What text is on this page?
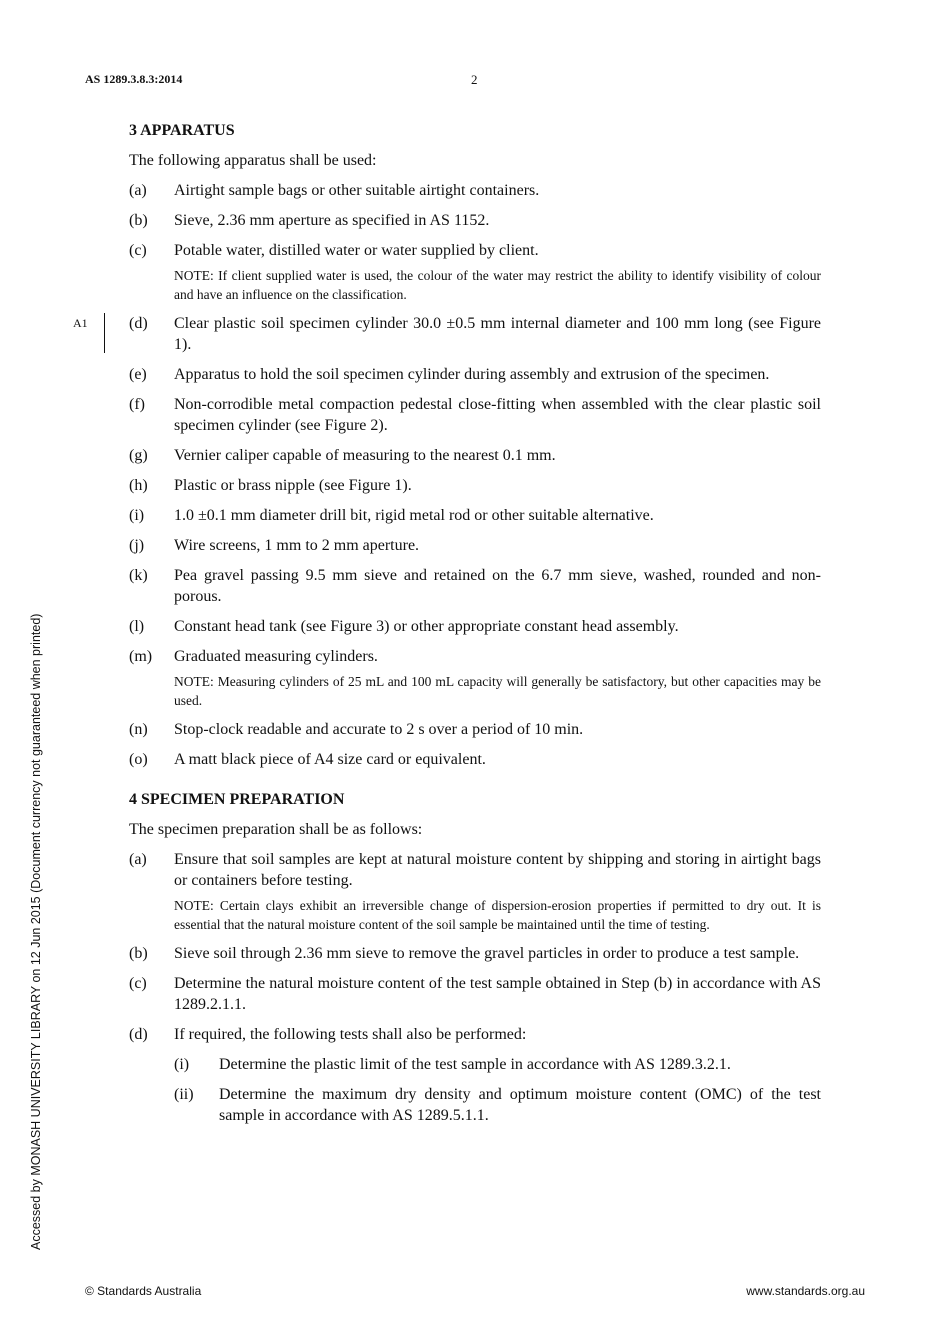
AS 1289.3.8.3:2014	2
Accessed by MONASH UNIVERSITY LIBRARY on 12 Jun 2015 (Document currency not guaranteed when printed)
3 APPARATUS

The following apparatus shall be used:

(a)	Airtight sample bags or other suitable airtight containers.
(b)	Sieve, 2.36 mm aperture as specified in AS 1152.
(c)	Potable water, distilled water or water supplied by client.
NOTE: If client supplied water is used, the colour of the water may restrict the ability to identify visibility of colour and have an influence on the classification.
A1	(d)	Clear plastic soil specimen cylinder 30.0 ±0.5 mm internal diameter and 100 mm long (see Figure 1).
(e)	Apparatus to hold the soil specimen cylinder during assembly and extrusion of the specimen.
(f)	Non-corrodible metal compaction pedestal close-fitting when assembled with the clear plastic soil specimen cylinder (see Figure 2).
(g)	Vernier caliper capable of measuring to the nearest 0.1 mm.
(h)	Plastic or brass nipple (see Figure 1).
(i)	1.0 ±0.1 mm diameter drill bit, rigid metal rod or other suitable alternative.
(j)	Wire screens, 1 mm to 2 mm aperture.
(k)	Pea gravel passing 9.5 mm sieve and retained on the 6.7 mm sieve, washed, rounded and non-porous.
(l)	Constant head tank (see Figure 3) or other appropriate constant head assembly.
(m)	Graduated measuring cylinders.
NOTE: Measuring cylinders of 25 mL and 100 mL capacity will generally be satisfactory, but other capacities may be used.
(n)	Stop-clock readable and accurate to 2 s over a period of 10 min.
(o)	A matt black piece of A4 size card or equivalent.
4 SPECIMEN PREPARATION

The specimen preparation shall be as follows:

(a)	Ensure that soil samples are kept at natural moisture content by shipping and storing in airtight bags or containers before testing.
NOTE: Certain clays exhibit an irreversible change of dispersion-erosion properties if permitted to dry out. It is essential that the natural moisture content of the soil sample be maintained until the time of testing.
(b)	Sieve soil through 2.36 mm sieve to remove the gravel particles in order to produce a test sample.
(c)	Determine the natural moisture content of the test sample obtained in Step (b) in accordance with AS 1289.2.1.1.
(d)	If required, the following tests shall also be performed:
(i)	Determine the plastic limit of the test sample in accordance with AS 1289.3.2.1.
(ii)	Determine the maximum dry density and optimum moisture content (OMC) of the test sample in accordance with AS 1289.5.1.1.
© Standards Australia	www.standards.org.au
